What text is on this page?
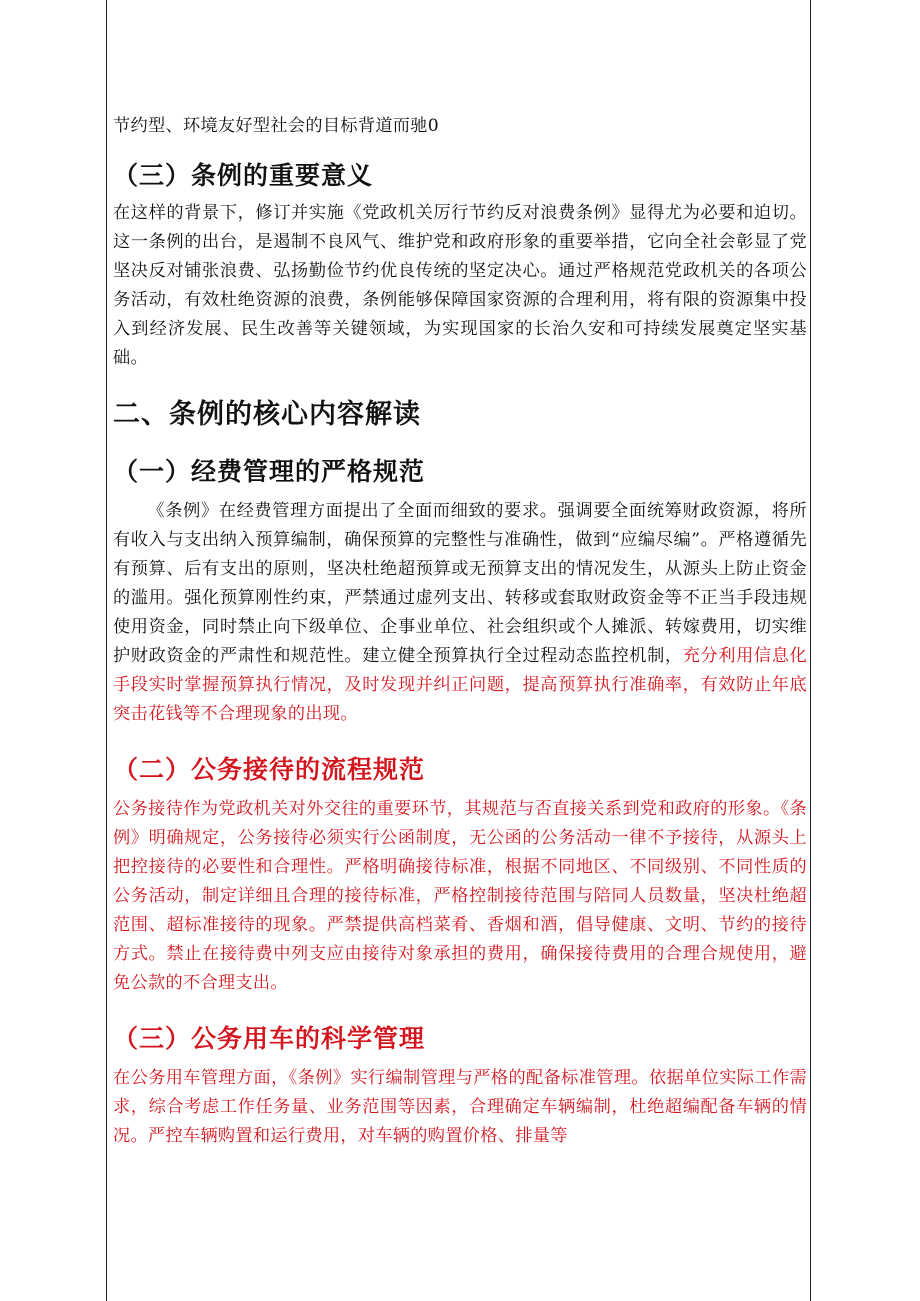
节约型、环境友好型社会的目标背道而驰0

（三）条例的重要意义

在这样的背景下，修订并实施《党政机关厉行节约反对浪费条例》显得尤为必要和迫切。这一条例的出台，是遏制不良风气、维护党和政府形象的重要举措，它向全社会彰显了党坚决反对铺张浪费、弘扬勤俭节约优良传统的坚定决心。通过严格规范党政机关的各项公务活动，有效杜绝资源的浪费，条例能够保障国家资源的合理利用，将有限的资源集中投入到经济发展、民生改善等关键领域，为实现国家的长治久安和可持续发展奠定坚实基础。

二、条例的核心内容解读
（一）经费管理的严格规范

《条例》在经费管理方面提出了全面而细致的要求。强调要全面统筹财政资源，将所有收入与支出纳入预算编制，确保预算的完整性与准确性，做到“应编尽编”。严格遵循先有预算、后有支出的原则，坚决杜绝超预算或无预算支出的情况发生，从源头上防止资金的滥用。强化预算刚性约束，严禁通过虚列支出、转移或套取财政资金等不正当手段违规使用资金，同时禁止向下级单位、企事业单位、社会组织或个人摊派、转嫁费用，切实维护财政资金的严肃性和规范性。建立健全预算执行全过程动态监控机制，充分利用信息化手段实时掌握预算执行情况，及时发现并纠正问题，提高预算执行准确率，有效防止年底突击花钱等不合理现象的出现。

（二）公务接待的流程规范

公务接待作为党政机关对外交往的重要环节，其规范与否直接关系到党和政府的形象。《条例》明确规定，公务接待必须实行公函制度，无公函的公务活动一律不予接待，从源头上把控接待的必要性和合理性。严格明确接待标准，根据不同地区、不同级别、不同性质的公务活动，制定详细且合理的接待标准，严格控制接待范围与陪同人员数量，坚决杜绝超范围、超标准接待的现象。严禁提供高档菜肴、香烟和酒，倡导健康、文明、节约的接待方式。禁止在接待费中列支应由接待对象承担的费用，确保接待费用的合理合规使用，避免公款的不合理支出。

（三）公务用车的科学管理

在公务用车管理方面，《条例》实行编制管理与严格的配备标准管理。依据单位实际工作需求，综合考虑工作任务量、业务范围等因素，合理确定车辆编制，杜绝超编配备车辆的情况。严控车辆购置和运行费用，对车辆的购置价格、排量等
